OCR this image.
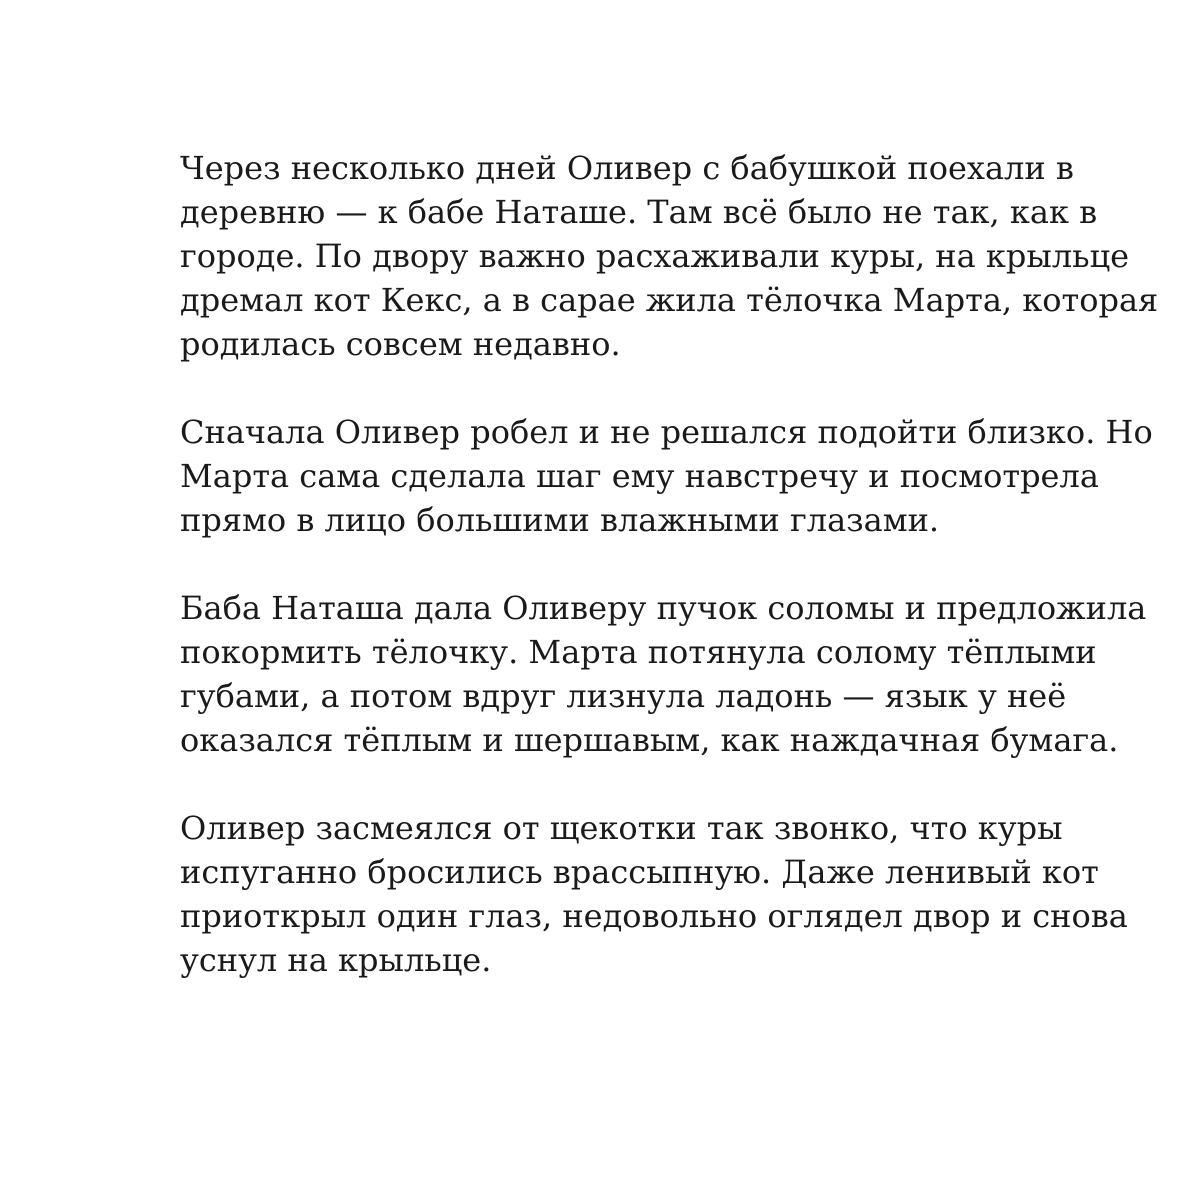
Через несколько дней Оливер с бабушкой поехали в
деревню — к бабе Наташе. Там всё было не так, как в
городе. По двору важно расхаживали куры, на крыльце
дремал кот Кекс, а в сарае жила тёлочка Марта, которая
родилась совсем недавно.

Сначала Оливер робел и не решался подойти близко. Но
Марта сама сделала шаг ему навстречу и посмотрела
прямо в лицо большими влажными глазами.

Баба Наташа дала Оливеру пучок соломы и предложила
покормить тёлочку. Марта потянула солому тёплыми
губами, а потом вдруг лизнула ладонь — язык у неё
оказался тёплым и шершавым, как наждачная бумага.

Оливер засмеялся от щекотки так звонко, что куры
испуганно бросились врассыпную. Даже ленивый кот
приоткрыл один глаз, недовольно оглядел двор и снова
уснул на крыльце.
